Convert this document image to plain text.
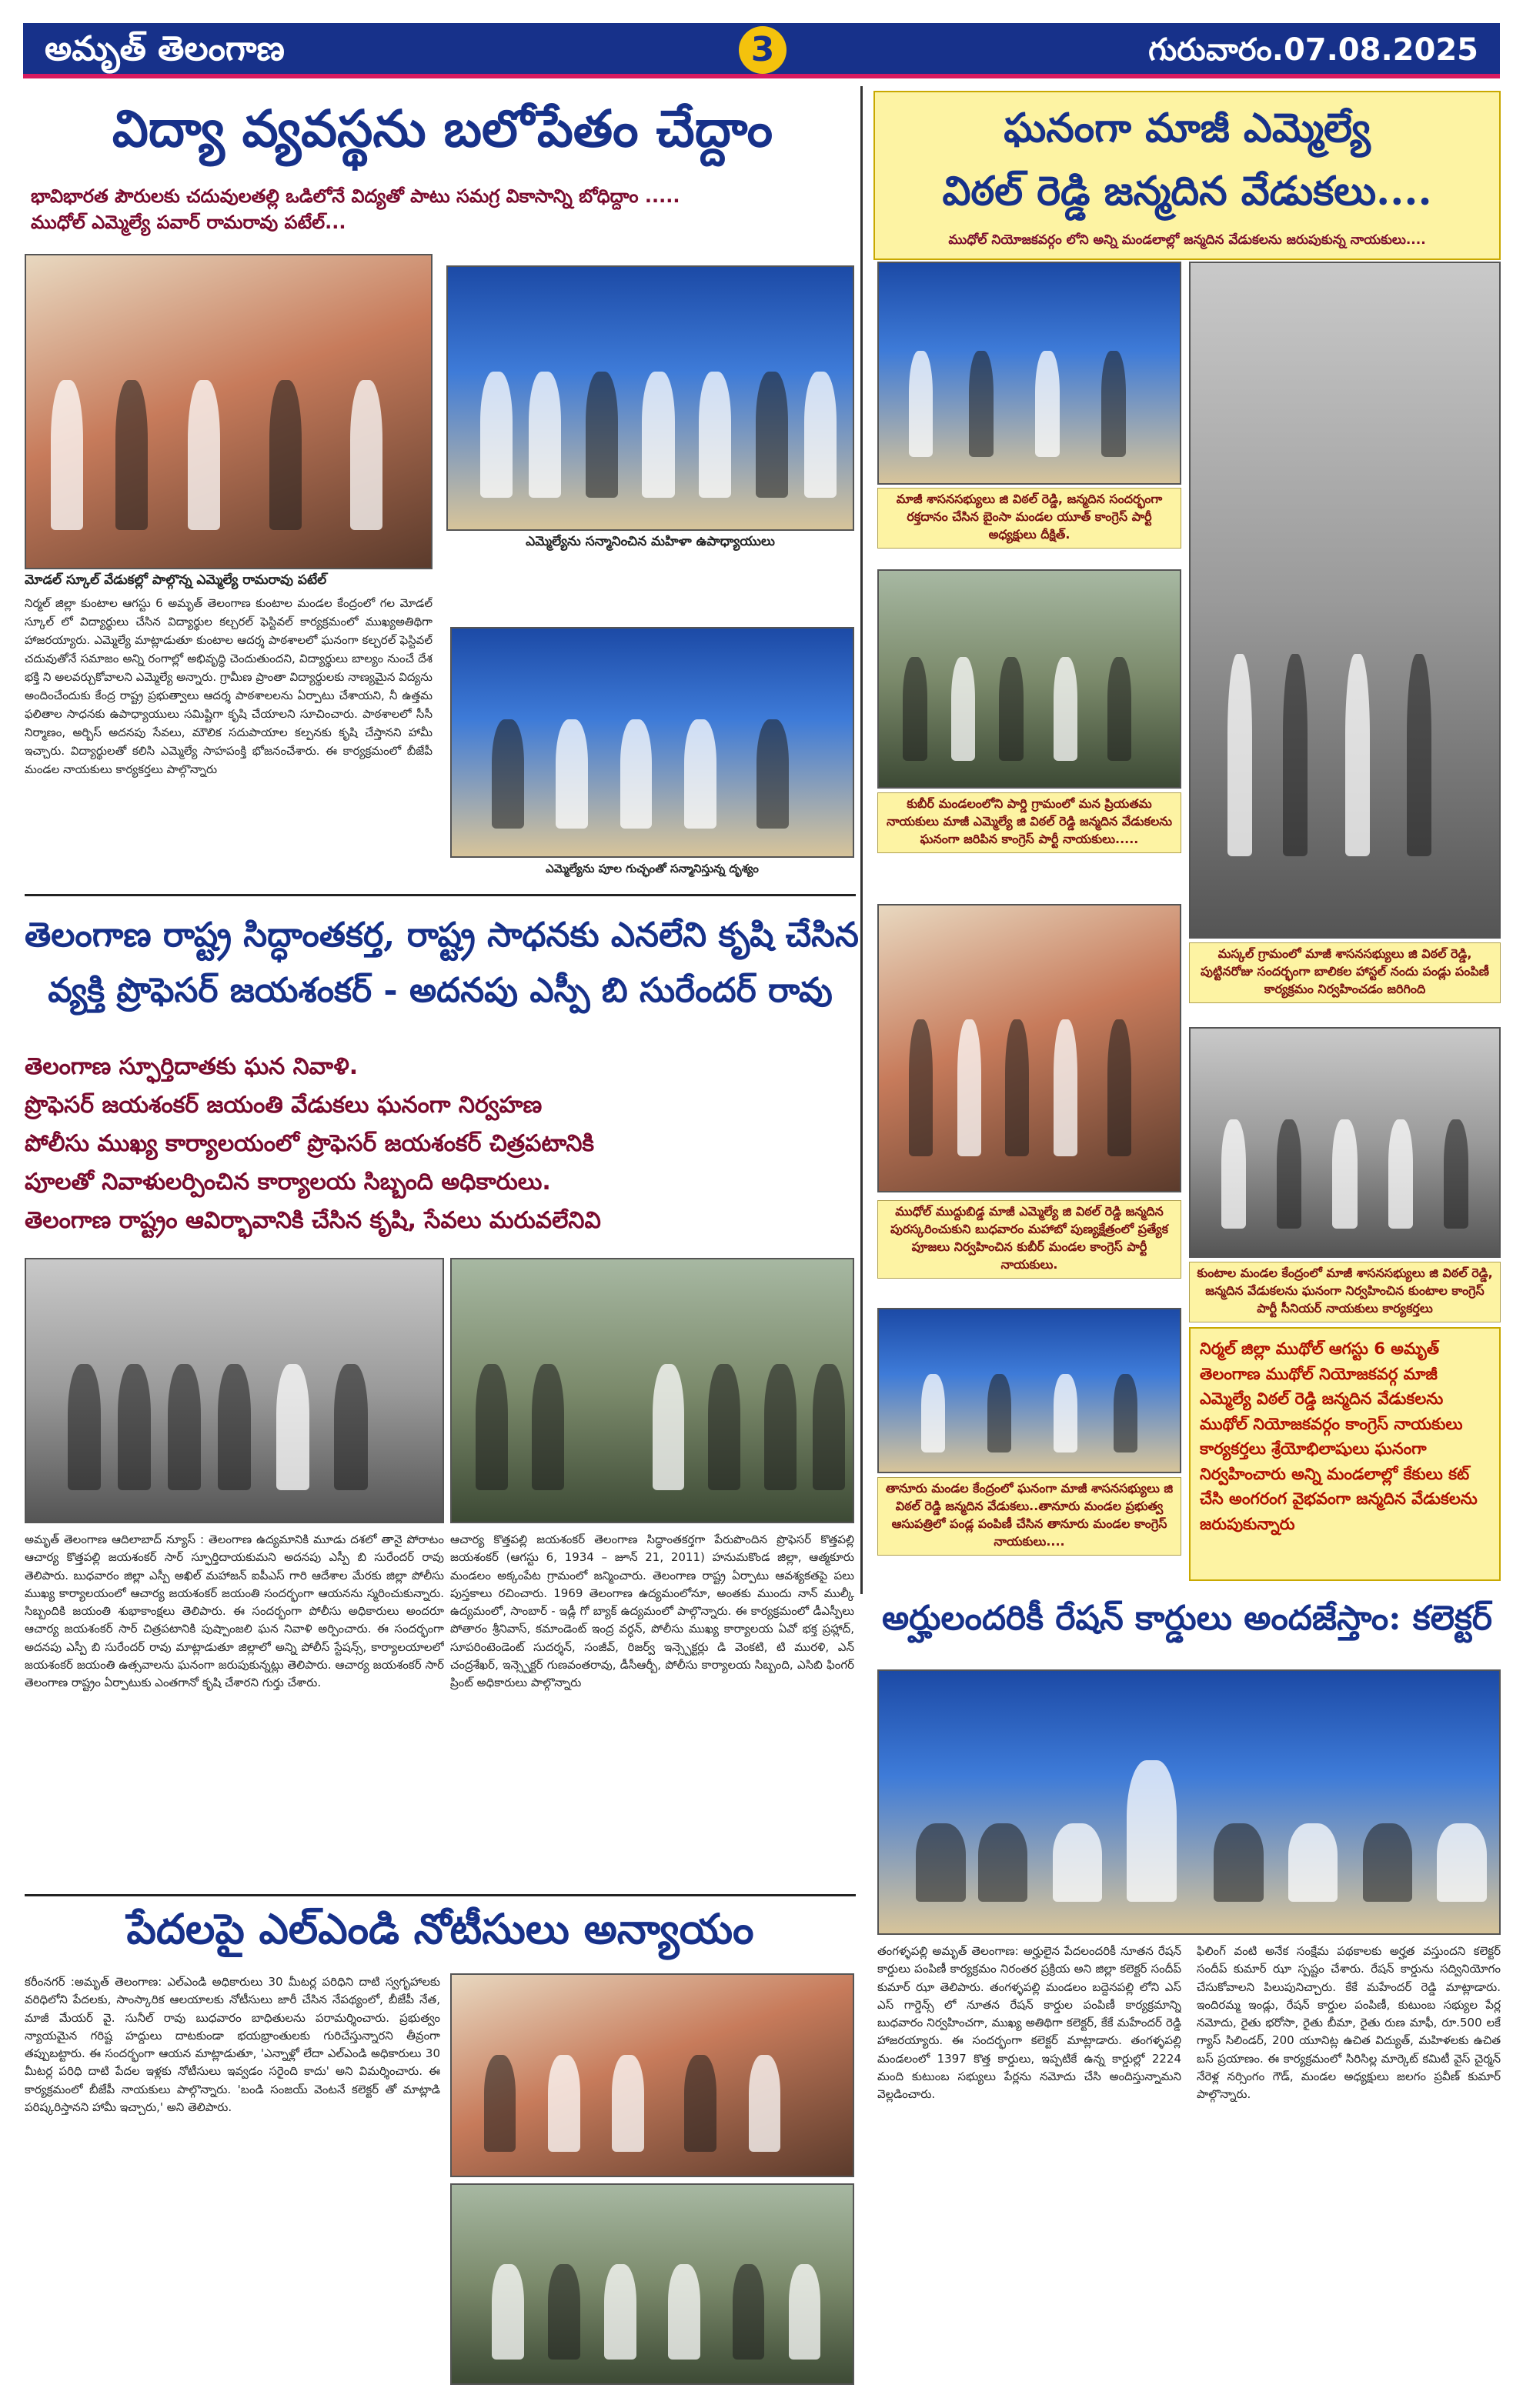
అమృత్ తెలంగాణ	3	గురువారం.07.08.2025
విద్యా వ్యవస్థను బలోపేతం చేద్దాం
భావిభారత పౌరులకు చదువులతల్లి ఒడిలోనే విద్యతో పాటు సమగ్ర వికాసాన్ని బోధిద్దాం .....
ముధోల్ ఎమ్మెల్యే పవార్ రామరావు పటేల్...
ఎమ్మెల్యేను సన్మానించిన మహిళా ఉపాధ్యాయులు
మోడల్ స్కూల్ వేడుకల్లో పాల్గొన్న ఎమ్మెల్యే రామరావు పటేల్
నిర్మల్ జిల్లా కుంటాల ఆగస్టు 6 అమృత్ తెలంగాణ కుంటాల మండల కేంద్రంలో గల మోడల్ స్కూల్ లో విద్యార్థులు చేసిన విద్యార్థుల కల్చరల్ ఫెస్టివల్ కార్యక్రమంలో ముఖ్యఅతిథిగా హాజరయ్యారు. ఎమ్మెల్యే మాట్లాడుతూ కుంటాల ఆదర్శ పాఠశాలలో ఘనంగా కల్చరల్ ఫెస్టివల్ చదువుతోనే సమాజం అన్ని రంగాల్లో అభివృద్ధి చెందుతుందని, విద్యార్థులు బాల్యం నుంచే దేశ భక్తి ని అలవర్చుకోవాలని ఎమ్మెల్యే అన్నారు. గ్రామీణ ప్రాంతా విద్యార్థులకు నాణ్యమైన విద్యను అందించేందుకు కేంద్ర రాష్ట్ర ప్రభుత్వాలు ఆదర్శ పాఠశాలలను ఏర్పాటు చేశాయని, నీ ఉత్తమ ఫలితాల సాధనకు ఉపాధ్యాయులు సమిష్టిగా కృషి చేయాలని సూచించారు. పాఠశాలలో సీసీ నిర్మాణం, అర్బిస్ అదనపు సేవలు, మౌలిక సదుపాయాల కల్పనకు కృషి చేస్తానని హామీ ఇచ్చారు. విద్యార్థులతో కలిసి ఎమ్మెల్యే సాహపంక్తి భోజనంచేశారు. ఈ కార్యక్రమంలో బీజేపీ మండల నాయకులు కార్యకర్తలు పాల్గొన్నారు
ఎమ్మెల్యేను పూల గుచ్ఛంతో సన్మానిస్తున్న దృశ్యం
తెలంగాణ రాష్ట్ర సిద్ధాంతకర్త, రాష్ట్ర సాధనకు ఎనలేని కృషి చేసిన
వ్యక్తి ప్రొఫెసర్ జయశంకర్ - అదనపు ఎస్పీ బి సురేందర్ రావు
తెలంగాణ స్ఫూర్తిదాతకు ఘన నివాళి.
ప్రొఫెసర్ జయశంకర్ జయంతి వేడుకలు ఘనంగా నిర్వహణ
పోలీసు ముఖ్య కార్యాలయంలో ప్రొఫెసర్ జయశంకర్ చిత్రపటానికి
పూలతో నివాళులర్పించిన కార్యాలయ సిబ్బంది అధికారులు.
తెలంగాణ రాష్ట్రం ఆవిర్భావానికి చేసిన కృషి, సేవలు మరువలేనివి
అమృత్ తెలంగాణ ఆదిలాబాద్ న్యూస్ : తెలంగాణ ఉద్యమానికి మూడు దశలో తానై పోరాటం ఆచార్య కొత్తపల్లి జయశంకర్ సార్ స్ఫూర్తిదాయకుమని అదనపు ఎస్పీ బి సురేందర్ రావు తెలిపారు. బుధవారం జిల్లా ఎస్పీ అఖిల్ మహాజన్ ఐపీఎస్ గారి ఆదేశాల మేరకు జిల్లా పోలీసు ముఖ్య కార్యాలయంలో ఆచార్య జయశంకర్ జయంతి సందర్భంగా ఆయనను స్మరించుకున్నారు. సిబ్బందికి జయంతి శుభాకాంక్షలు తెలిపారు. ఈ సందర్భంగా పోలీసు అధికారులు అందరూ ఆచార్య జయశంకర్ సార్ చిత్రపటానికి పుష్పాంజలి ఘన నివాళి అర్పించారు. ఈ సందర్భంగా అదనపు ఎస్పీ బి సురేందర్ రావు మాట్లాడుతూ జిల్లాలో అన్ని పోలీస్ స్టేషన్స్, కార్యాలయాలలో జయశంకర్ జయంతి ఉత్సవాలను ఘనంగా జరుపుకున్నట్లు తెలిపారు. ఆచార్య జయశంకర్ సార్ తెలంగాణ రాష్ట్రం ఏర్పాటుకు ఎంతగానో కృషి చేశారని గుర్తు చేశారు.
ఆచార్య కొత్తపల్లి జయశంకర్ తెలంగాణ సిద్ధాంతకర్తగా పేరుపొందిన ప్రొఫెసర్ కొత్తపల్లి జయశంకర్ (ఆగస్టు 6, 1934 – జూన్ 21, 2011) హనుమకొండ జిల్లా, ఆత్మకూరు మండలం అక్కంపేట గ్రామంలో జన్మించారు. తెలంగాణ రాష్ట్ర ఏర్పాటు ఆవశ్యకతపై పలు పుస్తకాలు రచించారు. 1969 తెలంగాణ ఉద్యమంలోనూ, అంతకు ముందు నాన్ ముల్కీ ఉద్యమంలో, సాంబార్ - ఇడ్లీ గో బ్యాక్ ఉద్యమంలో పాల్గొన్నారు. ఈ కార్యక్రమంలో డీఎస్పీలు పోతారం శ్రీనివాస్, కమాండెంట్ ఇంద్ర వర్ధన్, పోలీసు ముఖ్య కార్యాలయ ఏవో భక్త ప్రహ్లాద్, సూపరింటెండెంట్ సుదర్శన్, సంజీవ్, రిజర్వ్ ఇన్స్పెక్టర్లు డి వెంకటి, టి మురళి, ఎన్ చంద్రశేఖర్, ఇన్స్పెక్టర్ గుణవంతరావు, డీసీఆర్బీ, పోలీసు కార్యాలయ సిబ్బంది, ఎసిబి ఫింగర్ ప్రింట్ అధికారులు పాల్గొన్నారు
పేదలపై ఎల్ఎండి నోటీసులు అన్యాయం
కరీంనగర్ :అమృత్ తెలంగాణ: ఎల్ఎండి అధికారులు 30 మీటర్ల పరిధిని దాటి స్వగృహాలకు వరిధిలోని పేదలకు, సాంస్కారిక ఆలయాలకు నోటీసులు జారీ చేసిన నేపథ్యంలో, బీజేపీ నేత, మాజీ మేయర్ వై. సునీల్ రావు బుధవారం బాధితులను పరామర్శించారు. ప్రభుత్వం న్యాయమైన గరిష్ట హద్దులు దాటకుండా భయభ్రాంతులకు గురిచేస్తున్నారని తీవ్రంగా తప్పుబట్టారు. ఈ సందర్భంగా ఆయన మాట్లాడుతూ, 'ఎన్నాళ్లో లేదా ఎల్ఎండి అధికారులు 30 మీటర్ల పరిధి దాటి పేదల ఇళ్లకు నోటీసులు ఇవ్వడం సరైంది కాదు' అని విమర్శించారు. ఈ కార్యక్రమంలో బీజేపీ నాయకులు పాల్గొన్నారు. 'బండి సంజయ్ వెంటనే కలెక్టర్ తో మాట్లాడి పరిష్కరిస్తానని హామీ ఇచ్చారు,' అని తెలిపారు.
ఘనంగా మాజీ ఎమ్మెల్యే
విఠల్ రెడ్డి జన్మదిన వేడుకలు....
ముధోల్ నియోజకవర్గం లోని అన్ని మండలాల్లో జన్మదిన వేడుకలను జరుపుకున్న నాయకులు....
మాజీ శాసనసభ్యులు జి విఠల్ రెడ్డి, జన్మదిన సందర్భంగా రక్తదానం చేసిన బైంసా మండల యూత్ కాంగ్రెస్ పార్టీ అధ్యక్షులు దీక్షిత్.
కుబీర్ మండలంలోని పార్డి గ్రామంలో మన ప్రియతమ నాయకులు మాజీ ఎమ్మెల్యే జి విఠల్ రెడ్డి జన్మదిన వేడుకలను ఘనంగా జరిపిన కాంగ్రెస్ పార్టీ నాయకులు.....
మస్కల్ గ్రామంలో మాజీ శాసనసభ్యులు జి విఠల్ రెడ్డి, పుట్టినరోజు సందర్భంగా బాలికల హాస్టల్ నందు పండ్లు పంపిణీ కార్యక్రమం నిర్వహించడం జరిగింది
ముధోల్ ముద్దుబిడ్డ మాజీ ఎమ్మెల్యే జి విఠల్ రెడ్డి జన్మదిన పురస్కరించుకుని బుధవారం మహాబో పుణ్యక్షేత్రంలో ప్రత్యేక పూజలు నిర్వహించిన కుబీర్ మండల కాంగ్రెస్ పార్టీ నాయకులు.
కుంటాల మండల కేంద్రంలో మాజీ శాసనసభ్యులు జి విఠల్ రెడ్డి, జన్మదిన వేడుకలను ఘనంగా నిర్వహించిన కుంటాల కాంగ్రెస్ పార్టీ సీనియర్ నాయకులు కార్యకర్తలు
తానూరు మండల కేంద్రంలో ఘనంగా మాజీ శాసనసభ్యులు జి విఠల్ రెడ్డి జన్మదిన వేడుకలు..తానూరు మండల ప్రభుత్వ ఆసుపత్రిలో పండ్ల పంపిణీ చేసిన తానూరు మండల కాంగ్రెస్ నాయకులు....
నిర్మల్ జిల్లా ముథోల్ ఆగస్టు 6 అమృత్ తెలంగాణ ముథోల్ నియోజకవర్గ మాజీ ఎమ్మెల్యే విఠల్ రెడ్డి జన్మదిన వేడుకలను ముథోల్ నియోజకవర్గం కాంగ్రెస్ నాయకులు కార్యకర్తలు శ్రేయోభిలాషులు ఘనంగా నిర్వహించారు అన్ని మండలాల్లో కేకులు కట్ చేసి అంగరంగ వైభవంగా జన్మదిన వేడుకలను జరుపుకున్నారు
అర్హులందరికీ రేషన్ కార్డులు అందజేస్తాం: కలెక్టర్
తంగళ్ళపల్లి అమృత్ తెలంగాణ: అర్హులైన పేదలందరికీ నూతన రేషన్ కార్డులు పంపిణీ కార్యక్రమం నిరంతర ప్రక్రియ అని జిల్లా కలెక్టర్ సందీప్ కుమార్ ఝా తెలిపారు. తంగళ్ళపల్లి మండలం బద్దెనపల్లి లోని ఎస్ ఎస్ గార్డెన్స్ లో నూతన రేషన్ కార్డుల పంపిణీ కార్యక్రమాన్ని బుధవారం నిర్వహించగా, ముఖ్య అతిథిగా కలెక్టర్, కేకే మహేందర్ రెడ్డి హాజరయ్యారు. ఈ సందర్భంగా కలెక్టర్ మాట్లాడారు. తంగళ్ళపల్లి మండలంలో 1397 కొత్త కార్డులు, ఇప్పటికే ఉన్న కార్డుల్లో 2224 మంది కుటుంబ సభ్యులు పేర్లను నమోదు చేసి అందిస్తున్నామని వెల్లడించారు.
ఫిలింగ్ వంటి అనేక సంక్షేమ పథకాలకు అర్హత వస్తుందని కలెక్టర్ సందీప్ కుమార్ ఝా స్పష్టం చేశారు. రేషన్ కార్డును సద్వినియోగం చేసుకోవాలని పిలుపునిచ్చారు. కేకే మహేందర్ రెడ్డి మాట్లాడారు. ఇందిరమ్మ ఇండ్లు, రేషన్ కార్డుల పంపిణీ, కుటుంబ సభ్యుల పేర్ల నమోదు, రైతు భరోసా, రైతు బీమా, రైతు రుణ మాఫీ, రూ.500 లకే గ్యాస్ సిలిండర్, 200 యూనిట్ల ఉచిత విద్యుత్, మహిళలకు ఉచిత బస్ ప్రయాణం. ఈ కార్యక్రమంలో సిరిసిల్ల మార్కెట్ కమిటీ వైస్ చైర్మన్ నేరెళ్ల నర్సింగం గౌడ్, మండల అధ్యక్షులు జలగం ప్రవీణ్ కుమార్ పాల్గొన్నారు.
